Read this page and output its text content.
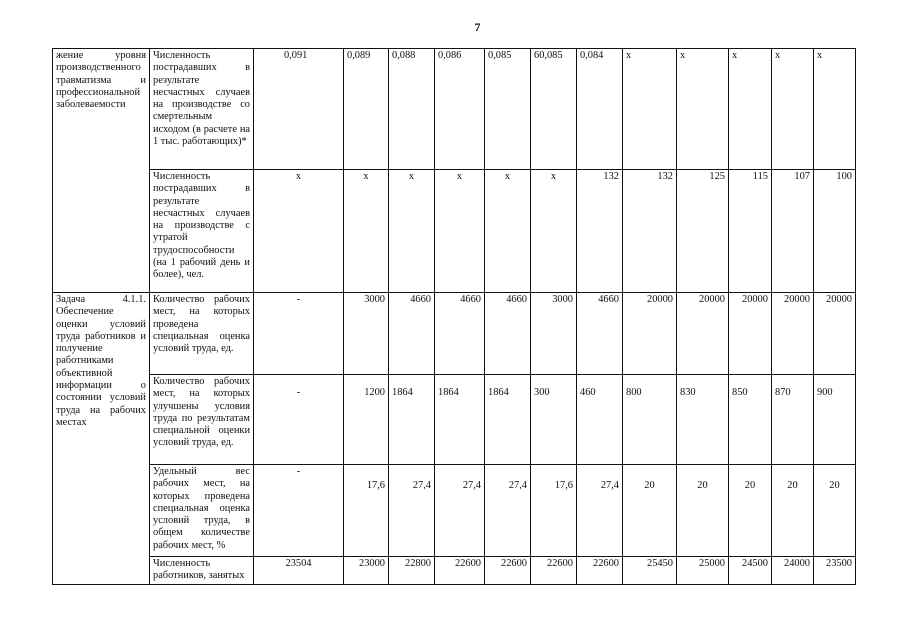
7
жение уровня производственного травматизма и профессиональной заболеваемости	Численность пострадавших в результате несчастных случаев на производстве со смертельным исходом (в расчете на 1 тыс. работающих)*	0,091	0,089	0,088	0,086	0,085	60,085	0,084	x	x	x	x	x
	Численность пострадавших в результате несчастных случаев на производстве с утратой трудоспособности (на 1 рабочий день и более), чел.	x	x	x	x	x	x	132	132	125	115	107	100
Задача 4.1.1. Обеспечение оценки условий труда работников и получение работниками объективной информации о состоянии условий труда на рабочих местах	Количество рабочих мест, на которых проведена специальная оценка условий труда, ед.	-	3000	4660	4660	4660	3000	4660	20000	20000	20000	20000	20000
	Количество рабочих мест, на которых улучшены условия труда по результатам специальной оценки условий труда, ед.	-	1200	1864	1864	1864	300	460	800	830	850	870	900
	Удельный вес рабочих мест, на которых проведена специальная оценка условий труда, в общем количестве рабочих мест, %	-	17,6	27,4	27,4	27,4	17,6	27,4	20	20	20	20	20
	Численность работников, занятых	23504	23000	22800	22600	22600	22600	22600	25450	25000	24500	24000	23500
